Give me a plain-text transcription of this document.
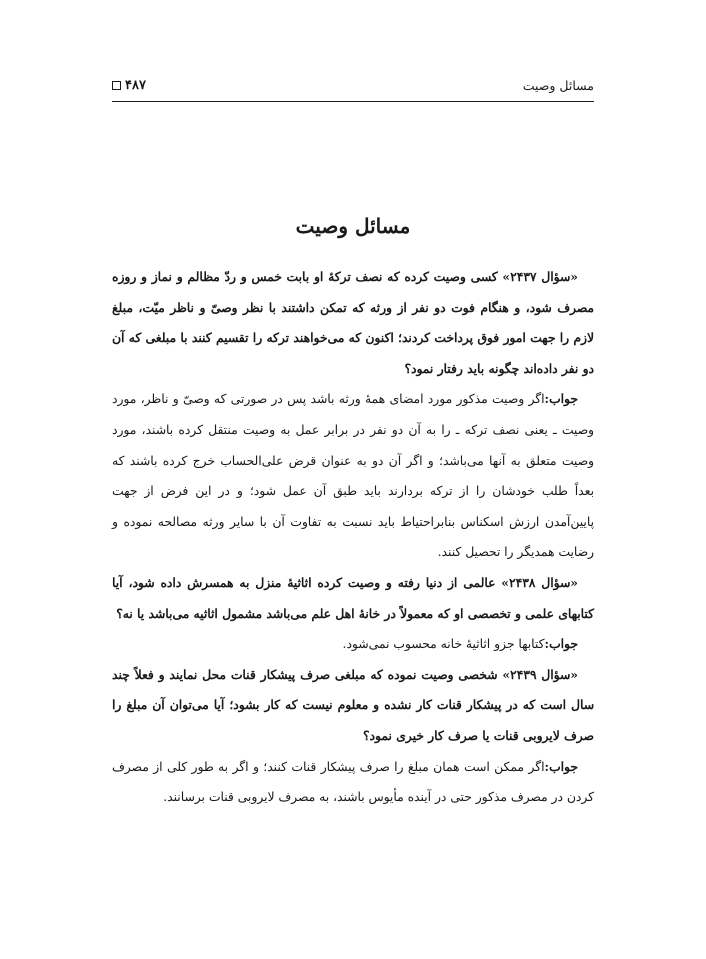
مسائل وصیت
۴۸۷
مسائل وصیت

«سؤال ۲۴۳۷» کسی وصیت کرده که نصف ترکهٔ او بابت خمس و ردّ مظالم و نماز و روزه مصرف شود، و هنگام فوت دو نفر از ورثه که تمکن داشتند با نظر وصیّ و ناظر میّت، مبلغ لازم را جهت امور فوق پرداخت کردند؛ اکنون که می‌خواهند ترکه را تقسیم کنند با مبلغی که آن دو نفر داده‌اند چگونه باید رفتار نمود؟

جواب:اگر وصیت مذکور مورد امضای همهٔ ورثه باشد پس در صورتی که وصیّ و ناظر، مورد وصیت ـ یعنی نصف ترکه ـ را به آن دو نفر در برابر عمل به وصیت منتقل کرده باشند، مورد وصیت متعلق به آنها می‌باشد؛ و اگر آن دو به عنوان قرض علی‌الحساب خرج کرده باشند که بعداً طلب خودشان را از ترکه بردارند باید طبق آن عمل شود؛ و در این فرض از جهت پایین‌آمدن ارزش اسکناس بنابراحتیاط باید نسبت به تفاوت آن با سایر ورثه مصالحه نموده و رضایت همدیگر را تحصیل کنند.

«سؤال ۲۴۳۸» عالمی از دنیا رفته و وصیت کرده اثاثیهٔ منزل به همسرش داده شود، آیا کتابهای علمی و تخصصی او که معمولاً در خانهٔ اهل علم می‌باشد مشمول اثاثیه می‌باشد یا نه؟

جواب:کتابها جزو اثاثیهٔ خانه محسوب نمی‌شود.

«سؤال ۲۴۳۹» شخصی وصیت نموده که مبلغی صرف پیشکار قنات محل نمایند و فعلاً چند سال است که در پیشکار قنات کار نشده و معلوم نیست که کار بشود؛ آیا می‌توان آن مبلغ را صرف لایروبی قنات یا صرف کار خیری نمود؟

جواب:اگر ممکن است همان مبلغ را صرف پیشکار قنات کنند؛ و اگر به طور کلی از مصرف کردن در مصرف مذکور حتی در آینده مأیوس باشند، به مصرف لایروبی قنات برسانند.
